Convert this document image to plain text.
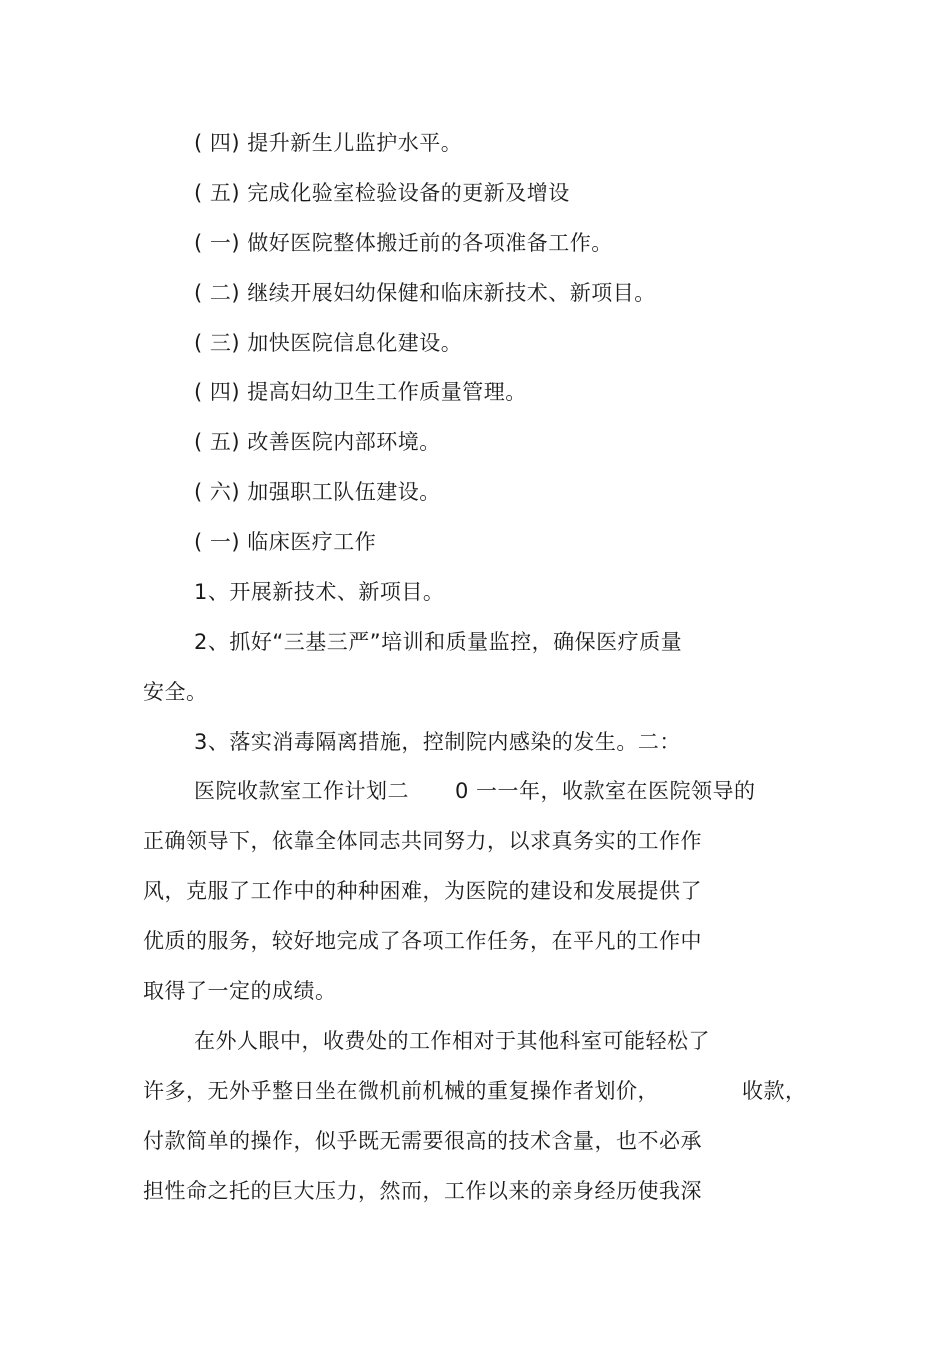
( 四) 提升新生儿监护水平。
( 五) 完成化验室检验设备的更新及增设
( 一) 做好医院整体搬迁前的各项准备工作。
( 二) 继续开展妇幼保健和临床新技术、新项目。
( 三) 加快医院信息化建设。
( 四) 提高妇幼卫生工作质量管理。
( 五) 改善医院内部环境。
( 六) 加强职工队伍建设。
( 一) 临床医疗工作
1、开展新技术、新项目。
2、抓好“三基三严”培训和质量监控，确保医疗质量
安全。
3、落实消毒隔离措施，控制院内感染的发生。二：
医院收款室工作计划二 0 一一年，收款室在医院领导的
正确领导下，依靠全体同志共同努力，以求真务实的工作作
风，克服了工作中的种种困难，为医院的建设和发展提供了
优质的服务，较好地完成了各项工作任务，在平凡的工作中
取得了一定的成绩。
在外人眼中，收费处的工作相对于其他科室可能轻松了
许多，无外乎整日坐在微机前机械的重复操作者划价，	收款，
付款简单的操作，似乎既无需要很高的技术含量，也不必承
担性命之托的巨大压力，然而，工作以来的亲身经历使我深
